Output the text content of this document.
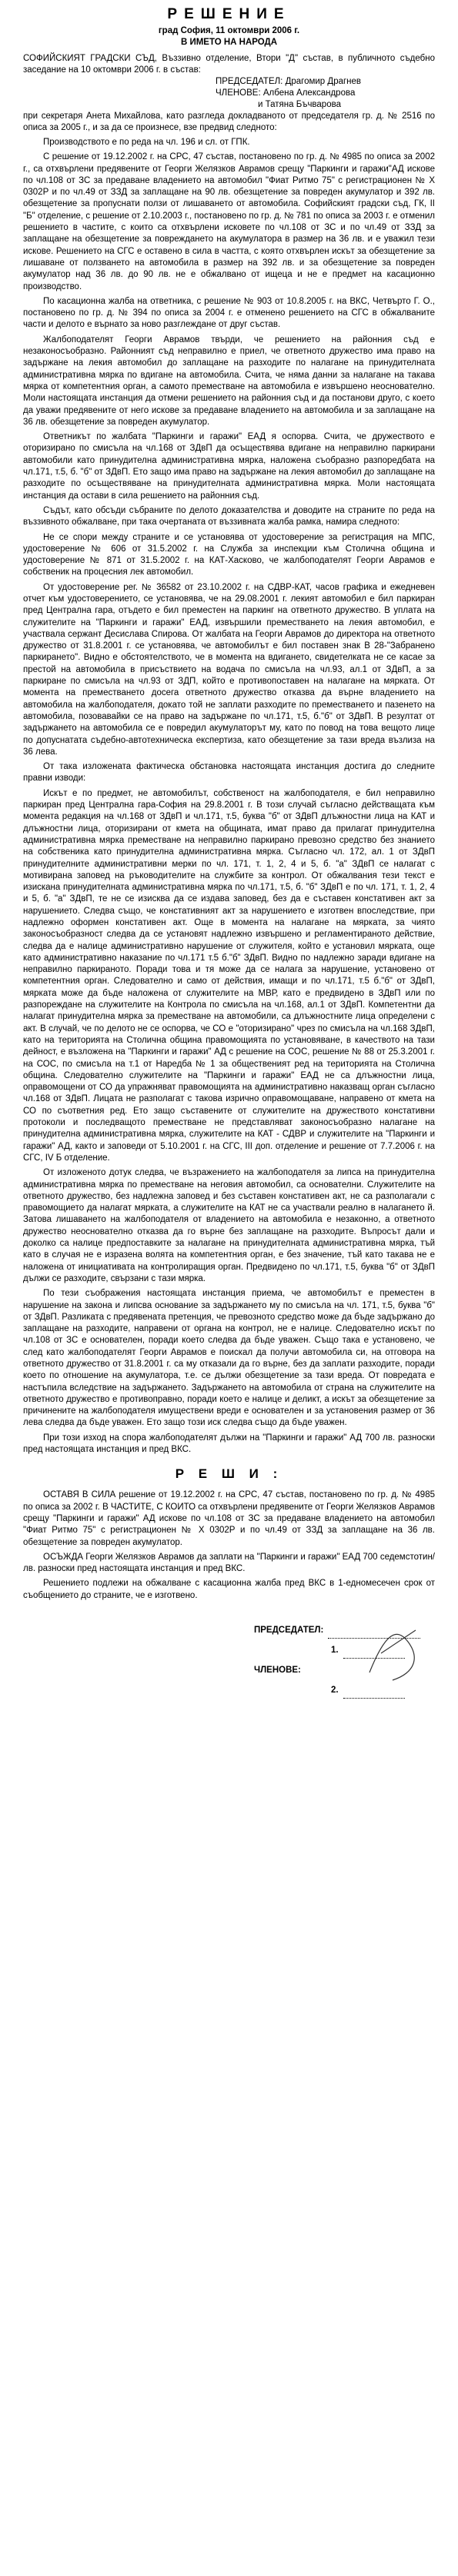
РЕШЕНИЕ
град София, 11 октомври 2006 г.
В ИМЕТО НА НАРОДА

СОФИЙСКИЯТ ГРАДСКИ СЪД, Въззивно отделение, Втори "Д" състав, в публичното съдебно заседание на 10 октомври 2006 г. в състав:

ПРЕДСЕДАТЕЛ: Драгомир Драгнев

ЧЛЕНОВЕ: Албена Александрова

и Татяна Бъчварова

при секретаря Анета Михайлова, като разгледа докладваното от председателя гр. д. № 2516 по описа за 2005 г., и за да се произнесе, взе предвид следното:

Производството е по реда на чл. 196 и сл. от ГПК.

С решение от 19.12.2002 г. на СРС, 47 състав, постановено по гр. д. № 4985 по описа за 2002 г., са отхвърлени предявените от Георги Желязков Аврамов срещу "Паркинги и гаражи"АД искове по чл.108 от ЗС за предаване владението на автомобил "Фиат Ритмо 75" с регистрационен № Х 0302Р и по чл.49 от ЗЗД за заплащане на 90 лв. обезщетение за повреден акумулатор и 392 лв. обезщетение за пропуснати ползи от лишаването от автомобила. Софийският градски съд, ГК, II "Б" отделение, с решение от 2.10.2003 г., постановено по гр. д. № 781 по описа за 2003 г. е отменил решението в частите, с които са отхвърлени исковете по чл.108 от ЗС и по чл.49 от ЗЗД за заплащане на обезщетение за повреждането на акумулатора в размер на 36 лв. и е уважил тези искове. Решението на СГС е оставено в сила в частта, с която отхвърлен искът за обезщетение за лишаване от ползването на автомобила в размер на 392 лв. и за обезщетение за повреден акумулатор над 36 лв. до 90 лв. не е обжалвано от ищеца и не е предмет на касационно производство.

По касационна жалба на ответника, с решение № 903 от 10.8.2005 г. на ВКС, Четвърто Г. О., постановено по гр. д. № 394 по описа за 2004 г. е отменено решението на СГС в обжалваните части и делото е върнато за ново разглеждане от друг състав.

Жалбоподателят Георги Аврамов твърди, че решението на районния съд е незаконосъобразно. Районният съд неправилно е приел, че ответното дружество има право на задържане на лекия автомобил до заплащане на разходите по налагане на принудителната административна мярка по вдигане на автомобила. Счита, че няма данни за налагане на такава мярка от компетентния орган, а самото преместване на автомобила е извършено неоснователно. Моли настоящата инстанция да отмени решението на районния съд и да постанови друго, с което да уважи предявените от него искове за предаване владението на автомобила и за заплащане на 36 лв. обезщетение за повреден акумулатор.

Ответникът по жалбата "Паркинги и гаражи" ЕАД я оспорва. Счита, че дружеството е оторизирано по смисъла на чл.168 от ЗДвП да осъществява вдигане на неправилно паркирани автомобили като принудителна административна мярка, наложена съобразно разпоредбата на чл.171, т.5, б. "б" от ЗДвП. Ето защо има право на задържане на лекия автомобил до заплащане на разходите по осъществяване на принудителната административна мярка. Моли настоящата инстанция да остави в сила решението на районния съд.

Съдът, като обсъди събраните по делото доказателства и доводите на страните по реда на въззивното обжалване, при така очертаната от въззивната жалба рамка, намира следното:

Не се спори между страните и се установява от удостоверение за регистрация на МПС, удостоверение № 606 от 31.5.2002 г. на Служба за инспекции към Столична община и удостоверение № 871 от 31.5.2002 г. на КАТ-Хасково, че жалбоподателят Георги Аврамов е собственик на процесния лек автомобил.

От удостоверение рег. № 36582 от 23.10.2002 г. на СДВР-КАТ, часов графика и ежедневен отчет към удостоверението, се установява, че на 29.08.2001 г. лекият автомобил е бил паркиран пред Централна гара, отъдето е бил преместен на паркинг на ответното дружество. В уплата на служителите на "Паркинги и гаражи" ЕАД, извършили преместването на лекия автомобил, е участвала сержант Десислава Спирова. От жалбата на Георги Аврамов до директора на ответното дружество от 31.8.2001 г. се установява, че автомобилът е бил поставен знак В 28-"Забранено паркирането". Видно е обстоятелството, че в момента на вдигането, свидетелката не се касае за престой на автомобила в присъствието на водача по смисъла на чл.93, ал.1 от ЗДвП, а за паркиране по смисъла на чл.93 от ЗДП, който е противопоставен на налагане на мярката. От момента на преместването досега ответното дружество отказва да върне владението на автомобила на жалбоподателя, докато той не заплати разходите по преместването и пазенето на автомобила, позовавайки се на право на задържане по чл.171, т.5, б."б" от ЗДвП. В резултат от задържането на автомобила се е повредил акумулаторът му, като по повод на това вещото лице по допуснатата съдебно-автотехническа експертиза, като обезщетение за тази вреда възлиза на 36 лева.

От така изложената фактическа обстановка настоящата инстанция достига до следните правни изводи:

Искът е по предмет, не автомобилът, собственост на жалбоподателя, е бил неправилно паркиран пред Централна гара-София на 29.8.2001 г. В този случай съгласно действащата към момента редакция на чл.168 от ЗДвП и чл.171, т.5, буква "б" от ЗДвП длъжностни лица на КАТ и длъжностни лица, оторизирани от кмета на общината, имат право да прилагат принудителна административна мярка преместване на неправилно паркирано превозно средство без знанието на собственика като принудителна административна мярка. Съгласно чл. 172, ал. 1 от ЗДвП принудителните административни мерки по чл. 171, т. 1, 2, 4 и 5, б. "а" ЗДвП се налагат с мотивирана заповед на ръководителите на службите за контрол. От обжалвания тези текст е изискана принудителната административна мярка по чл.171, т.5, б. "б" ЗДвП е по чл. 171, т. 1, 2, 4 и 5, б. "а" ЗДвП, те не се изисква да се издава заповед, без да е съставен констативен акт за нарушението. Следва също, че констативният акт за нарушението е изготвен впоследствие, при надлежно оформен констативен акт. Още в момента на налагане на мярката, за чиято законосъобразност следва да се установят надлежно извършено и регламентираното действие, следва да е налице административно нарушение от служителя, който е установил мярката, още като административно наказание по чл.171 т.5 б."б" ЗДвП. Видно по надлежно заради вдигане на неправилно паркираното. Поради това и тя може да се налага за нарушение, установено от компетентния орган. Следователно и само от действия, имащи и по чл.171, т.5 б."б" от ЗДвП, мярката може да бъде наложена от служителите на МВР, като е предвидено в ЗДвП или по разпореждане на служителите на Контрола по смисъла на чл.168, ал.1 от ЗДвП. Компетентни да налагат принудителна мярка за преместване на автомобили, са длъжностните лица определени с акт. В случай, че по делото не се оспорва, че СО е "оторизирано" чрез по смисъла на чл.168 ЗДвП, като на територията на Столична община правомощията по установяване, в качеството на тази дейност, е възложена на "Паркинги и гаражи" АД с решение на СОС, решение № 88 от 25.3.2001 г. на СОС, по смисъла на т.1 от Наредба № 1 за общественият ред на територията на Столична община. Следователно служителите на "Паркинги и гаражи" ЕАД не са длъжностни лица, оправомощени от СО да упражняват правомощията на административно наказващ орган съгласно чл.168 от ЗДвП. Лицата не разполагат с такова изрично оправомощаване, направено от кмета на СО по съответния ред. Ето защо съставените от служителите на дружеството констативни протоколи и последващото преместване не представляват законосъобразно налагане на принудителна административна мярка, служителите на КАТ - СДВР и служителите на "Паркинги и гаражи" АД, както и заповеди от 5.10.2001 г. на СГС, III доп. отделение и решение от 7.7.2006 г. на СГС, IV Б отделение.

От изложеното дотук следва, че възражението на жалбоподателя за липса на принудителна административна мярка по преместване на неговия автомобил, са основателни. Служителите на ответното дружество, без надлежна заповед и без съставен констативен акт, не са разполагали с правомощието да налагат мярката, а служителите на КАТ не са участвали реално в налагането й. Затова лишаването на жалбоподателя от владението на автомобила е незаконно, а ответното дружество неоснователно отказва да го върне без заплащане на разходите. Въпросът дали и доколко са налице предпоставките за налагане на принудителната административна мярка, тъй като в случая не е изразена волята на компетентния орган, е без значение, тъй като такава не е наложена от инициативата на контролиращия орган. Предвидено по чл.171, т.5, буква "б" от ЗДвП дължи се разходите, свързани с тази мярка.

По тези съображения настоящата инстанция приема, че автомобилът е преместен в нарушение на закона и липсва основание за задържането му по смисъла на чл. 171, т.5, буква "б" от ЗДвП. Разликата с предявената претенция, че превозното средство може да бъде задържано до заплащане на разходите, направени от органа на контрол, не е налице. Следователно искът по чл.108 от ЗС е основателен, поради което следва да бъде уважен. Също така е установено, че след като жалбоподателят Георги Аврамов е поискал да получи автомобила си, на отговора на ответното дружество от 31.8.2001 г. са му отказали да го върне, без да заплати разходите, поради което по отношение на акумулатора, т.е. се дължи обезщетение за тази вреда. От повредата е настъпила вследствие на задържането. Задържането на автомобила от страна на служителите на ответното дружество е противоправно, поради което е налице и деликт, а искът за обезщетение за причинените на жалбоподателя имуществени вреди е основателен и за установения размер от 36 лева следва да бъде уважен. Ето защо този иск следва също да бъде уважен.

При този изход на спора жалбоподателят дължи на "Паркинги и гаражи" АД 700 лв. разноски пред настоящата инстанция и пред ВКС.

Р Е Ш И :

ОСТАВЯ В СИЛА решение от 19.12.2002 г. на СРС, 47 състав, постановено по гр. д. № 4985 по описа за 2002 г. В ЧАСТИТЕ, С КОИТО са отхвърлени предявените от Георги Желязков Аврамов срещу "Паркинги и гаражи" АД искове по чл.108 от ЗС за предаване владението на автомобил "Фиат Ритмо 75" с регистрационен № Х 0302Р и по чл.49 от ЗЗД за заплащане на 36 лв. обезщетение за повреден акумулатор.

ОСЪЖДА Георги Желязков Аврамов да заплати на "Паркинги и гаражи" ЕАД 700 седемстотин/ лв. разноски пред настоящата инстанция и пред ВКС.

Решението подлежи на обжалване с касационна жалба пред ВКС в 1-едномесечен срок от съобщението до страните, че е изготвено.

ПРЕДСЕДАТЕЛ:
1.
ЧЛЕНОВЕ:
2.
